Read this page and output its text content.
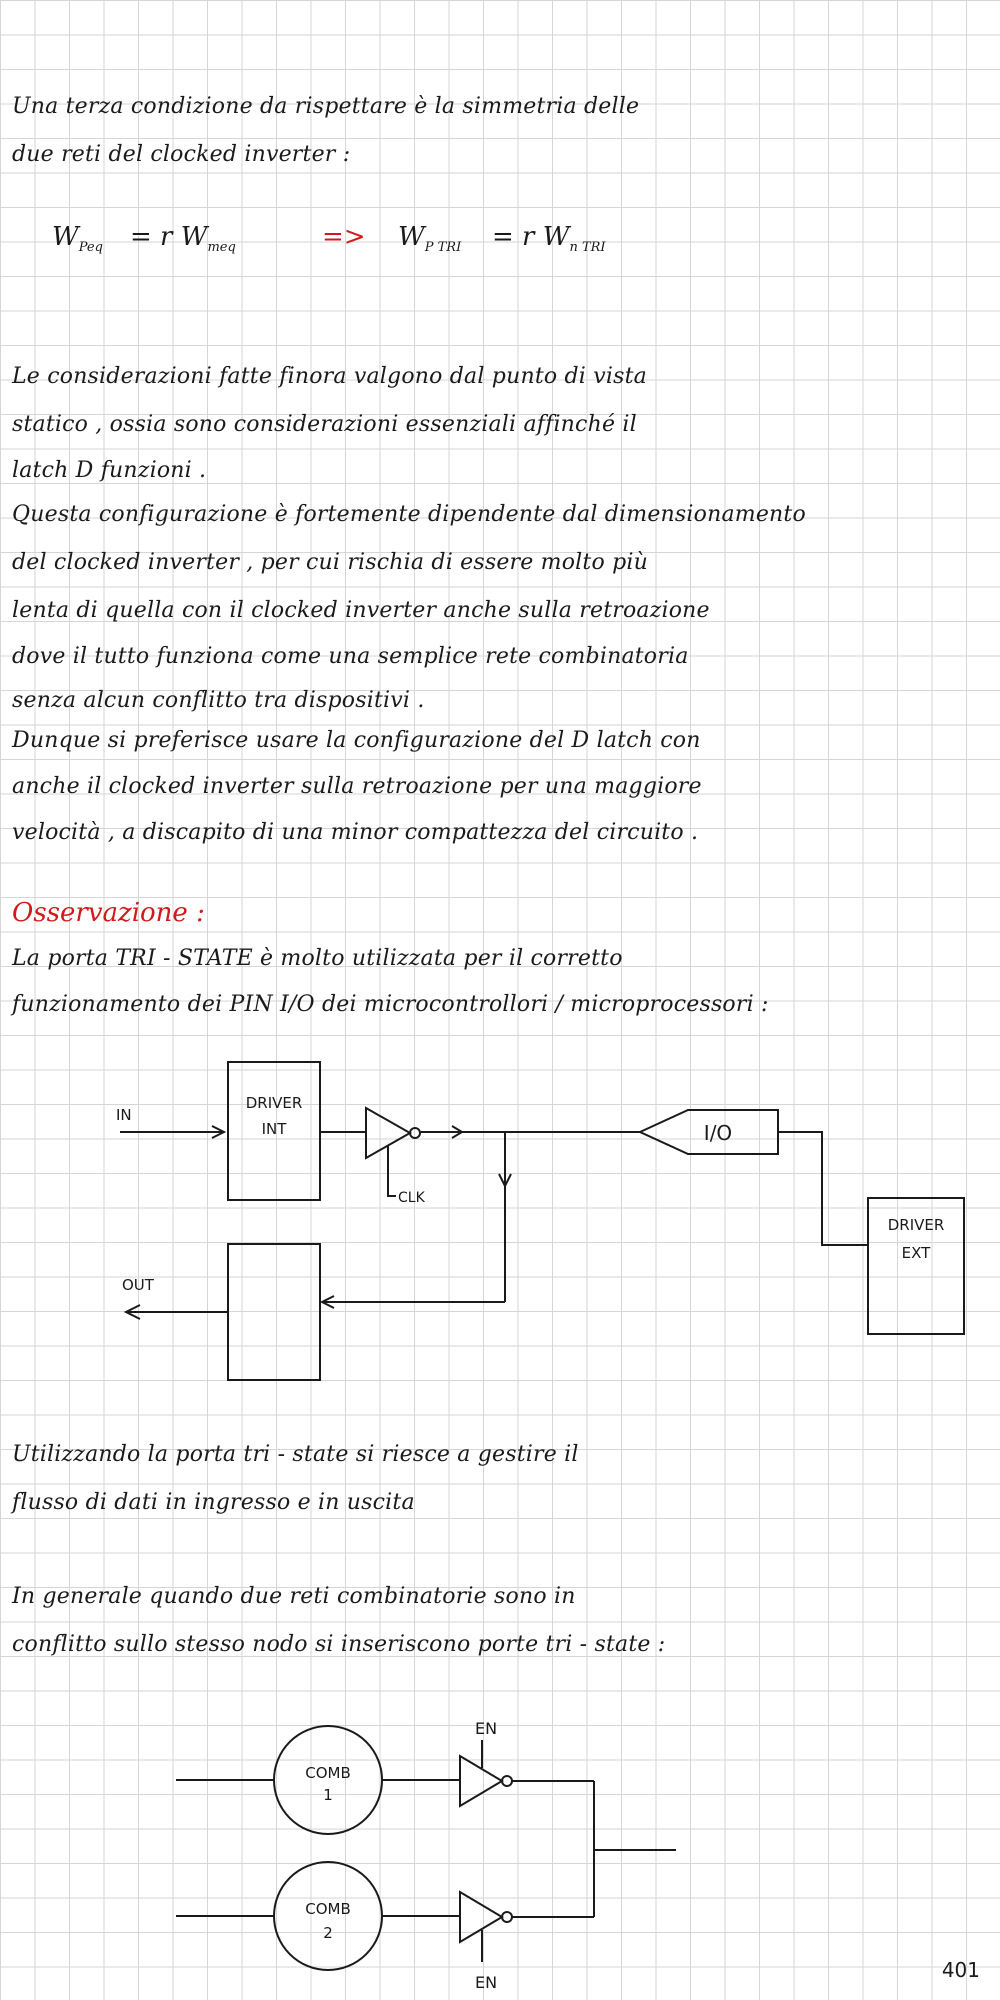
Una terza condizione da rispettare è la simmetria delle
due reti del clocked inverter :
$W_{Peq} = r$ $W_{meq}$	=> $W_{P TRI} = r$ $W_{n TRI}$
Le considerazioni fatte finora valgono dal punto di vista
statico , ossia sono considerazioni essenziali affinché il
latch D funzioni .
Questa configurazione è fortemente dipendente dal dimensionamento
del clocked inverter , per cui rischia di essere molto più
lenta di quella con il clocked inverter anche sulla retroazione
dove il tutto funziona come una semplice rete combinatoria
senza alcun conflitto tra dispositivi .
Dunque si preferisce usare la configurazione del D latch con
anche il clocked inverter sulla retroazione per una maggiore
velocità , a discapito di una minor compattezza del circuito .
Osservazione :
La porta TRI - STATE è molto utilizzata per il corretto
funzionamento dei PIN I/O dei microcontrollori / microprocessori :
IN
DRIVER
INT
CLK
I/O
DRIVER
EXT
OUT
Utilizzando la porta tri - state si riesce a gestire il
flusso di dati in ingresso e in uscita
In generale quando due reti combinatorie sono in
conflitto sullo stesso nodo si inseriscono porte tri - state :
EN
COMB
1
COMB
2
EN
401
